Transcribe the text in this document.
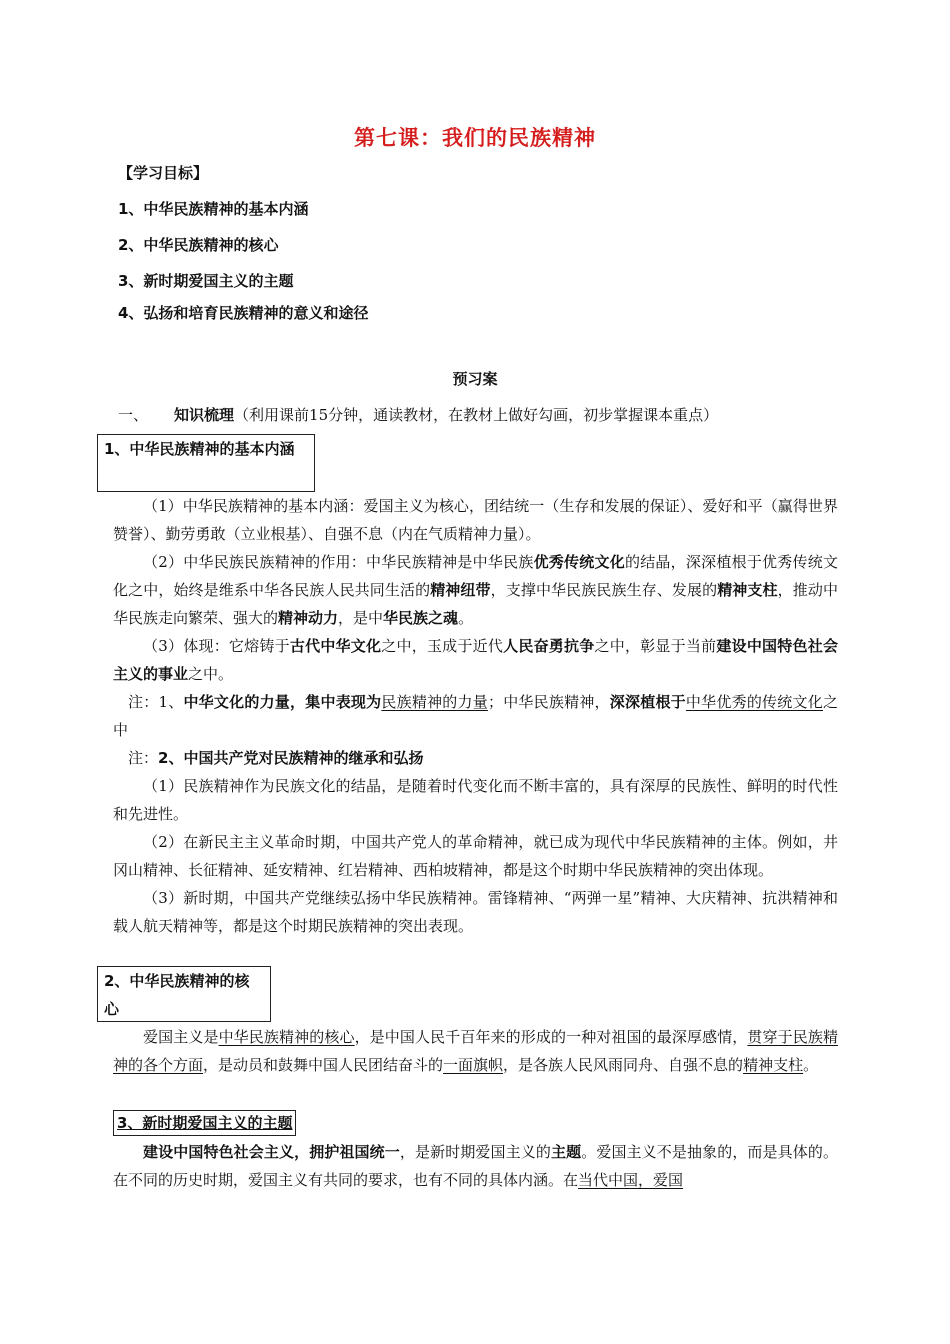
第七课：我们的民族精神
【学习目标】
1、中华民族精神的基本内涵
2、中华民族精神的核心
3、新时期爱国主义的主题
4、弘扬和培育民族精神的意义和途径
预习案
一、 知识梳理（利用课前15分钟，通读教材，在教材上做好勾画，初步掌握课本重点）
1、中华民族精神的基本内涵

（1）中华民族精神的基本内涵：爱国主义为核心，团结统一（生存和发展的保证）、爱好和平（赢得世界赞誉）、勤劳勇敢（立业根基）、自强不息（内在气质精神力量）。

（2）中华民族民族精神的作用：中华民族精神是中华民族优秀传统文化的结晶，深深植根于优秀传统文化之中，始终是维系中华各民族人民共同生活的精神纽带，支撑中华民族民族生存、发展的精神支柱，推动中华民族走向繁荣、强大的精神动力，是中华民族之魂。

（3）体现：它熔铸于古代中华文化之中，玉成于近代人民奋勇抗争之中，彰显于当前建设中国特色社会主义的事业之中。

注：1、中华文化的力量，集中表现为民族精神的力量；中华民族精神，深深植根于中华优秀的传统文化之中

注：2、中国共产党对民族精神的继承和弘扬

（1）民族精神作为民族文化的结晶，是随着时代变化而不断丰富的，具有深厚的民族性、鲜明的时代性和先进性。

（2）在新民主主义革命时期，中国共产党人的革命精神，就已成为现代中华民族精神的主体。例如，井冈山精神、长征精神、延安精神、红岩精神、西柏坡精神，都是这个时期中华民族精神的突出体现。

（3）新时期，中国共产党继续弘扬中华民族精神。雷锋精神、“两弹一星”精神、大庆精神、抗洪精神和载人航天精神等，都是这个时期民族精神的突出表现。

2、中华民族精神的核心

爱国主义是中华民族精神的核心，是中国人民千百年来的形成的一种对祖国的最深厚感情，贯穿于民族精神的各个方面，是动员和鼓舞中国人民团结奋斗的一面旗帜，是各族人民风雨同舟、自强不息的精神支柱。

3、新时期爱国主义的主题

建设中国特色社会主义，拥护祖国统一，是新时期爱国主义的主题。爱国主义不是抽象的，而是具体的。在不同的历史时期，爱国主义有共同的要求，也有不同的具体内涵。在当代中国，爱国
